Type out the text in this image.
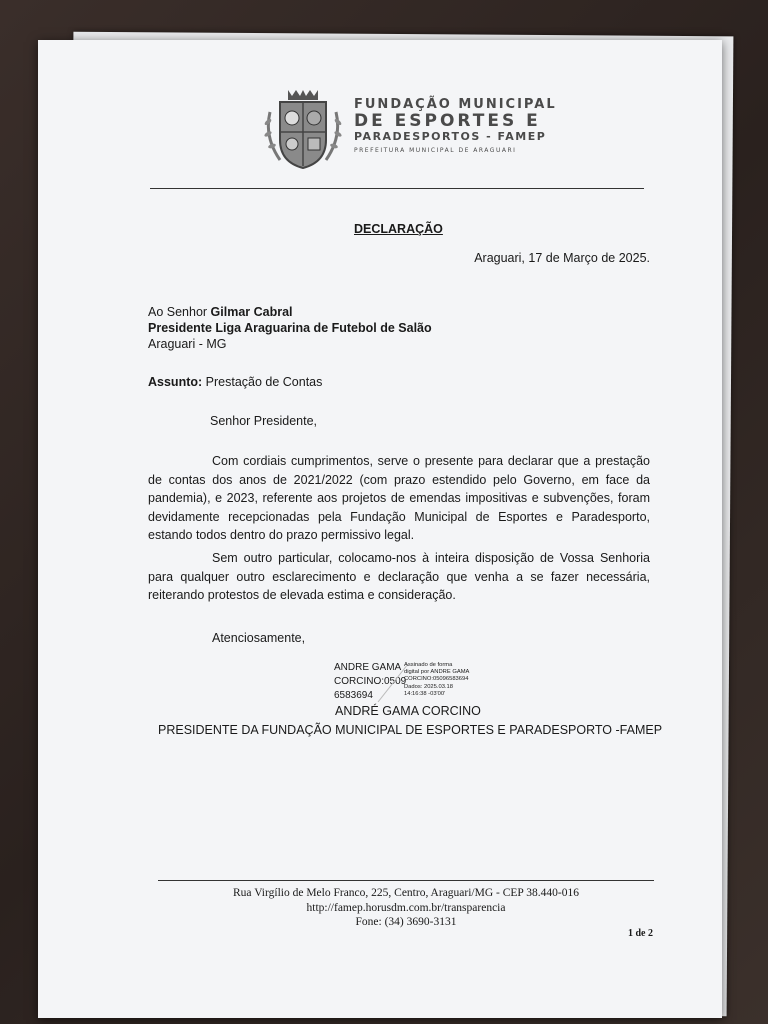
FUNDAÇÃO MUNICIPAL
DE ESPORTES E
PARADESPORTOS - FAMEP
PREFEITURA MUNICIPAL DE ARAGUARI
DECLARAÇÃO
Araguari, 17 de Março de 2025.
Ao Senhor Gilmar Cabral
Presidente Liga Araguarina de Futebol de Salão
Araguari - MG
Assunto: Prestação de Contas
Senhor Presidente,
Com cordiais cumprimentos, serve o presente para declarar que a prestação de contas dos anos de 2021/2022 (com prazo estendido pelo Governo, em face da pandemia), e 2023, referente aos projetos de emendas impositivas e subvenções, foram devidamente recepcionadas pela Fundação Municipal de Esportes e Paradesporto, estando todos dentro do prazo permissivo legal.
Sem outro particular, colocamo-nos à inteira disposição de Vossa Senhoria para qualquer outro esclarecimento e declaração que venha a se fazer necessária, reiterando protestos de elevada estima e consideração.
Atenciosamente,
ANDRE GAMA
CORCINO:0509
6583694
Assinado de forma
digital por ANDRE GAMA
CORCINO:05096583694
Dados: 2025.03.18
14:16:38 -03'00'
ANDRÉ GAMA CORCINO
PRESIDENTE DA FUNDAÇÃO MUNICIPAL DE ESPORTES E PARADESPORTO -FAMEP
Rua Virgílio de Melo Franco, 225, Centro, Araguari/MG - CEP 38.440-016
http://famep.horusdm.com.br/transparencia
Fone: (34) 3690-3131
1 de 2
